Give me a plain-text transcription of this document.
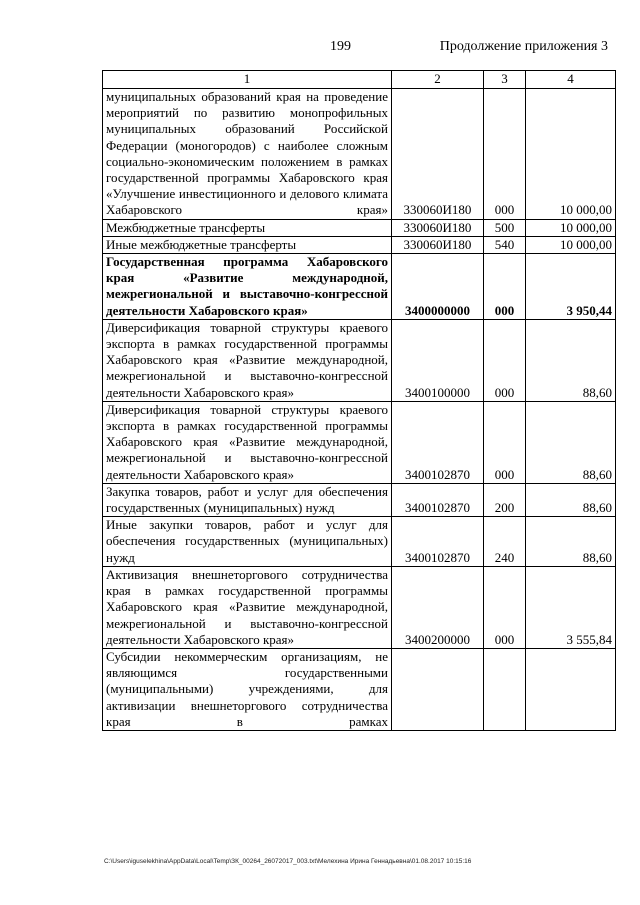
199	Продолжение приложения 3
1	2	3	4
муниципальных образований края на проведение мероприятий по развитию монопрофильных муниципальных образований Российской Федерации (моногородов) с наиболее сложным социально-экономическим положением в рамках государственной программы Хабаровского края «Улучшение инвестиционного и делового климата Хабаровского края»	330060И180	000	10 000,00
Межбюджетные трансферты	330060И180	500	10 000,00
Иные межбюджетные трансферты	330060И180	540	10 000,00
Государственная программа Хабаровского края «Развитие международной, межрегиональной и выставочно-конгрессной деятельности Хабаровского края»	3400000000	000	3 950,44
Диверсификация товарной структуры краевого экспорта в рамках государственной программы Хабаровского края «Развитие международной, межрегиональной и выставочно-конгрессной деятельности Хабаровского края»	3400100000	000	88,60
Диверсификация товарной структуры краевого экспорта в рамках государственной программы Хабаровского края «Развитие международной, межрегиональной и выставочно-конгрессной деятельности Хабаровского края»	3400102870	000	88,60
Закупка товаров, работ и услуг для обеспечения государственных (муниципальных) нужд	3400102870	200	88,60
Иные закупки товаров, работ и услуг для обеспечения государственных (муниципальных) нужд	3400102870	240	88,60
Активизация внешнеторгового сотрудничества края в рамках государственной программы Хабаровского края «Развитие международной, межрегиональной и выставочно-конгрессной деятельности Хабаровского края»	3400200000	000	3 555,84
Субсидии некоммерческим организациям, не являющимся государственными (муниципальными) учреждениями, для активизации внешнеторгового сотрудничества края в рамках			
C:\Users\iguselekhina\AppData\Local\Temp\ЗК_00264_26072017_003.txt\Мелехина Ирина Геннадьевна\01.08.2017 10:15:16
